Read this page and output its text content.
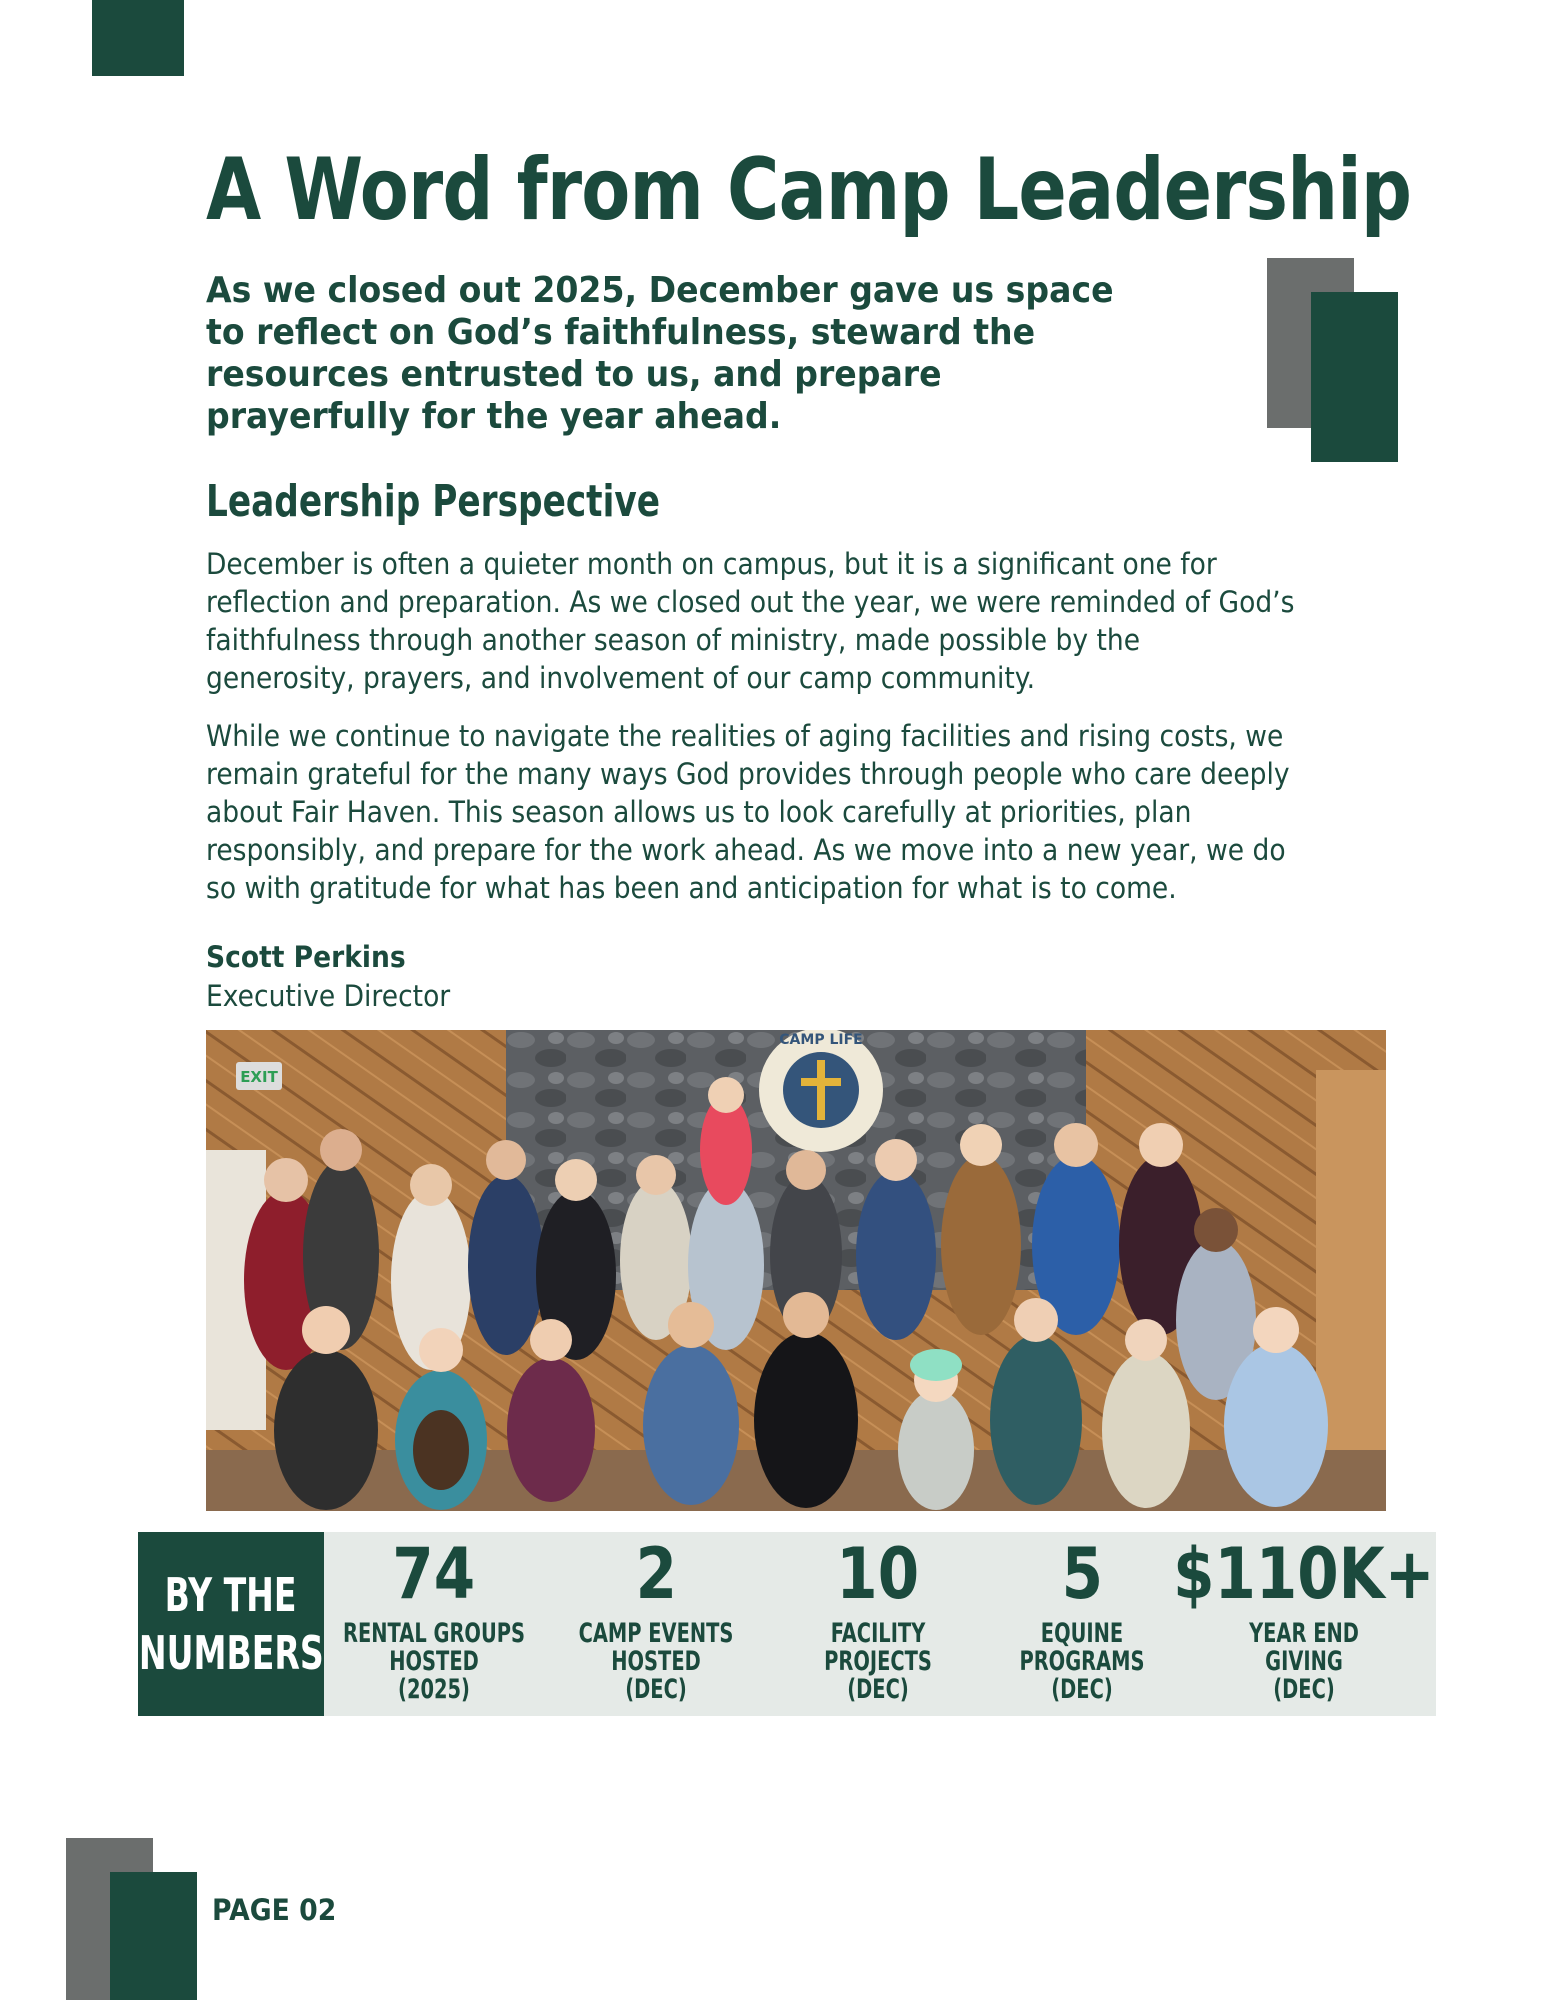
A Word from Camp Leadership

As we closed out 2025, December gave us space to reflect on God’s faithfulness, steward the resources entrusted to us, and prepare prayerfully for the year ahead.

Leadership Perspective

December is often a quieter month on campus, but it is a significant one for reflection and preparation. As we closed out the year, we were reminded of God’s faithfulness through another season of ministry, made possible by the generosity, prayers, and involvement of our camp community.

While we continue to navigate the realities of aging facilities and rising costs, we remain grateful for the many ways God provides through people who care deeply about Fair Haven. This season allows us to look carefully at priorities, plan responsibly, and prepare for the work ahead. As we move into a new year, we do so with gratitude for what has been and anticipation for what is to come.

Scott Perkins

Executive Director

EXIT
CAMP LIFE
BY THE
NUMBERS
74
RENTAL GROUPS
HOSTED
(2025)
2
CAMP EVENTS
HOSTED
(DEC)
10
FACILITY
PROJECTS
(DEC)
5
EQUINE
PROGRAMS
(DEC)
$110K+
YEAR END
GIVING
(DEC)

PAGE 02
